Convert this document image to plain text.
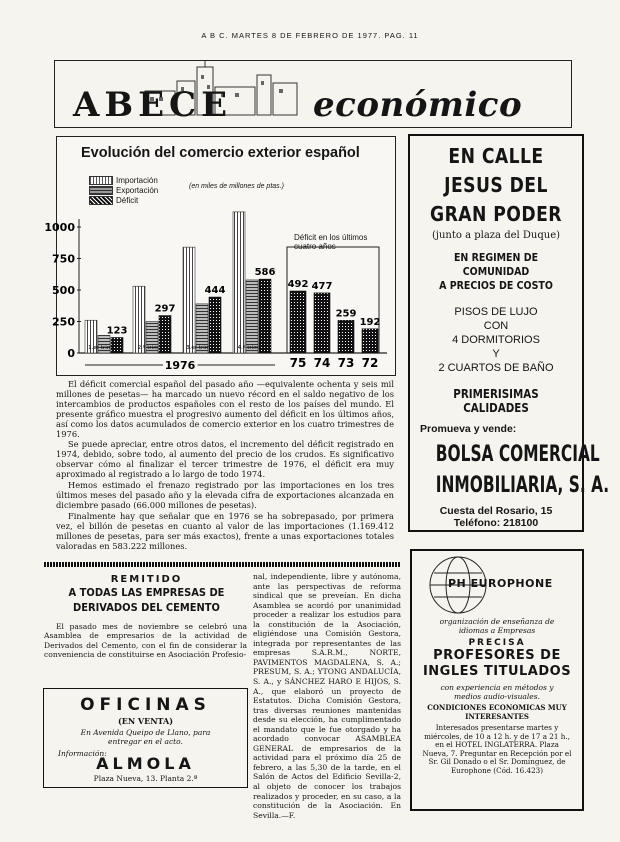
A B C. MARTES 8 DE FEBRERO DE 1977. PAG. 11
ABECE económico
Evolución del comercio exterior español
Importación
Exportación
Déficit
(en miles de millones de ptas.)
Déficit en los últimos cuatro años
0
250
500
750
1000
123
1.er trim.
297
2.º trim.
444
3.er trim.
586
4.º trim.
1976
492
75
477
74
259
73
192
72

El déficit comercial español del pasado año —equivalente ochenta y seis mil millones de pesetas— ha marcado un nuevo récord en el saldo negativo de los intercambios de productos españoles con el resto de los países del mundo. El presente gráfico muestra el progresivo aumento del déficit en los últimos años, así como los datos acumulados de comercio exterior en los cuatro trimestres de 1976.

Se puede apreciar, entre otros datos, el incremento del déficit registrado en 1974, debido, sobre todo, al aumento del precio de los crudos. Es significativo observar cómo al finalizar el tercer trimestre de 1976, el déficit era muy aproximado al registrado a lo largo de todo 1974.

Hemos estimado el frenazo registrado por las importaciones en los tres últimos meses del pasado año y la elevada cifra de exportaciones alcanzada en diciembre pasado (66.000 millones de pesetas).

Finalmente hay que señalar que en 1976 se ha sobrepasado, por primera vez, el billón de pesetas en cuanto al valor de las importaciones (1.169.412 millones de pesetas, para ser más exactos), frente a unas exportaciones totales valoradas en 583.222 millones.

REMITIDO
A TODAS LAS EMPRESAS DE
DERIVADOS DEL CEMENTO

El pasado mes de noviembre se celebró una Asamblea de empresarios de la actividad de Derivados del Cemento, con el fin de considerar la conveniencia de constituirse en Asociación Profesio-

nal, independiente, libre y autónoma, ante las perspectivas de reforma sindical que se preveían. En dicha Asamblea se acordó por unanimidad proceder a realizar los estudios para la constitución de la Asociación, eligiéndose una Comisión Gestora, integrada por representantes de las empresas S.A.R.M., NORTE, PAVIMENTOS MAGDALENA, S. A.; PRESUM, S. A.; YTONG ANDALUCÍA, S. A., y SÁNCHEZ HARO E HIJOS, S. A., que elaboró un proyecto de Estatutos. Dicha Comisión Gestora, tras diversas reuniones mantenidas desde su elección, ha cumplimentado el mandato que le fue otorgado y ha acordado convocar ASAMBLEA GENERAL de empresarios de la actividad para el próximo día 25 de febrero, a las 5,30 de la tarde, en el Salón de Actos del Edificio Sevilla-2, al objeto de conocer los trabajos realizados y proceder, en su caso, a la constitución de la Asociación. En Sevilla.—F.

OFICINAS
(EN VENTA)
En Avenida Queipo de Llano, para entregar en el acto.
Información:
ALMOLA
Plaza Nueva, 13. Planta 2.ª
EN CALLE
JESUS DEL
GRAN PODER
(junto a plaza del Duque)
EN REGIMEN DE COMUNIDAD
A PRECIOS DE COSTO
PISOS DE LUJO
CON
4 DORMITORIOS
Y
2 CUARTOS DE BAÑO
PRIMERISIMAS CALIDADES
Promueva y vende:
BOLSA COMERCIAL
INMOBILIARIA, S. A.
Cuesta del Rosario, 15
Teléfono: 218100
PH EUROPHONE
organización de enseñanza de idiomas a Empresas
PRECISA
PROFESORES DE
INGLES TITULADOS
con experiencia en métodos y medios audio-visuales.
CONDICIONES ECONOMICAS MUY INTERESANTES
Interesados presentarse martes y miércoles, de 10 a 12 h. y de 17 a 21 h., en el HOTEL INGLATERRA. Plaza Nueva, 7. Preguntar en Recepción por el Sr. Gil Donado o el Sr. Domínguez, de Europhone (Cód. 16.423)
